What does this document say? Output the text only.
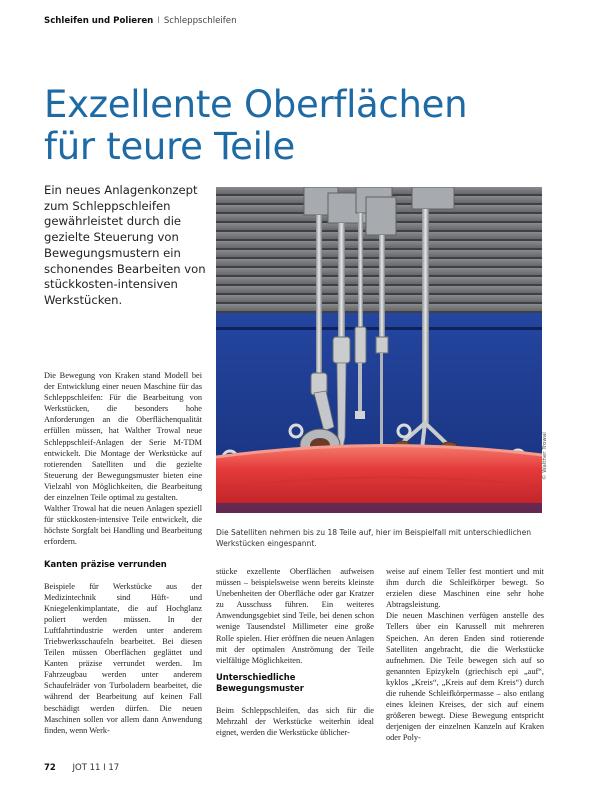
Schleifen und Polieren I Schleppschleifen
Exzellente Oberflächen
für teure Teile
Ein neues Anlagenkonzept zum Schleppschleifen gewährleistet durch die gezielte Steuerung von Bewegungsmustern ein schonendes Bearbeiten von stückkosten-intensiven Werkstücken.
© Walther Trowal
Die Satelliten nehmen bis zu 18 Teile auf, hier im Beispielfall mit unterschiedlichen Werkstücken eingespannt.

Die Bewegung von Kraken stand Modell bei der Entwicklung einer neuen Maschine für das Schleppschleifen: Für die Bearbeitung von Werkstücken, die besonders hohe Anforderungen an die Oberflächenqualität erfüllen müssen, hat Walther Trowal neue Schleppschleif-Anlagen der Serie M-TDM entwickelt. Die Montage der Werkstücke auf rotierenden Satelliten und die gezielte Steuerung der Bewegungsmuster bieten eine Vielzahl von Möglichkeiten, die Bearbeitung der einzelnen Teile optimal zu gestalten.

Walther Trowal hat die neuen Anlagen speziell für stückkosten-intensive Teile entwickelt, die höchste Sorgfalt bei Handling und Bearbeitung erfordern.

Kanten präzise verrunden

Beispiele für Werkstücke aus der Medizintechnik sind Hüft- und Kniegelenkimplantate, die auf Hochglanz poliert werden müssen. In der Luftfahrtindustrie werden unter anderem Triebwerksschaufeln bearbeitet. Bei diesen Teilen müssen Oberflächen geglättet und Kanten präzise verrundet werden. Im Fahrzeugbau werden unter anderem Schaufelräder von Turboladern bearbeitet, die während der Bearbeitung auf keinen Fall beschädigt werden dürfen. Die neuen Maschinen sollen vor allem dann Anwendung finden, wenn Werk-

stücke exzellente Oberflächen aufweisen müssen – beispielsweise wenn bereits kleinste Unebenheiten der Oberfläche oder gar Kratzer zu Ausschuss führen. Ein weiteres Anwendungsgebiet sind Teile, bei denen schon wenige Tausendstel Millimeter eine große Rolle spielen. Hier eröffnen die neuen Anlagen mit der optimalen Anströmung der Teile vielfältige Möglichkeiten.

Unterschiedliche Bewegungsmuster

Beim Schleppschleifen, das sich für die Mehrzahl der Werkstücke weiterhin ideal eignet, werden die Werkstücke üblicher-

weise auf einem Teller fest montiert und mit ihm durch die Schleifkörper bewegt. So erzielen diese Maschinen eine sehr hohe Abtragsleistung.

Die neuen Maschinen verfügen anstelle des Tellers über ein Karussell mit mehreren Speichen. An deren Enden sind rotierende Satelliten angebracht, die die Werkstücke aufnehmen. Die Teile bewegen sich auf so genannten Epizykeln (griechisch epi „auf“, kyklos „Kreis“, „Kreis auf dem Kreis“) durch die ruhende Schleifkörpermasse – also entlang eines kleinen Kreises, der sich auf einem größeren bewegt. Diese Bewegung entspricht derjenigen der einzelnen Kanzeln auf Kraken oder Poly-

72 JOT 11 I 17
